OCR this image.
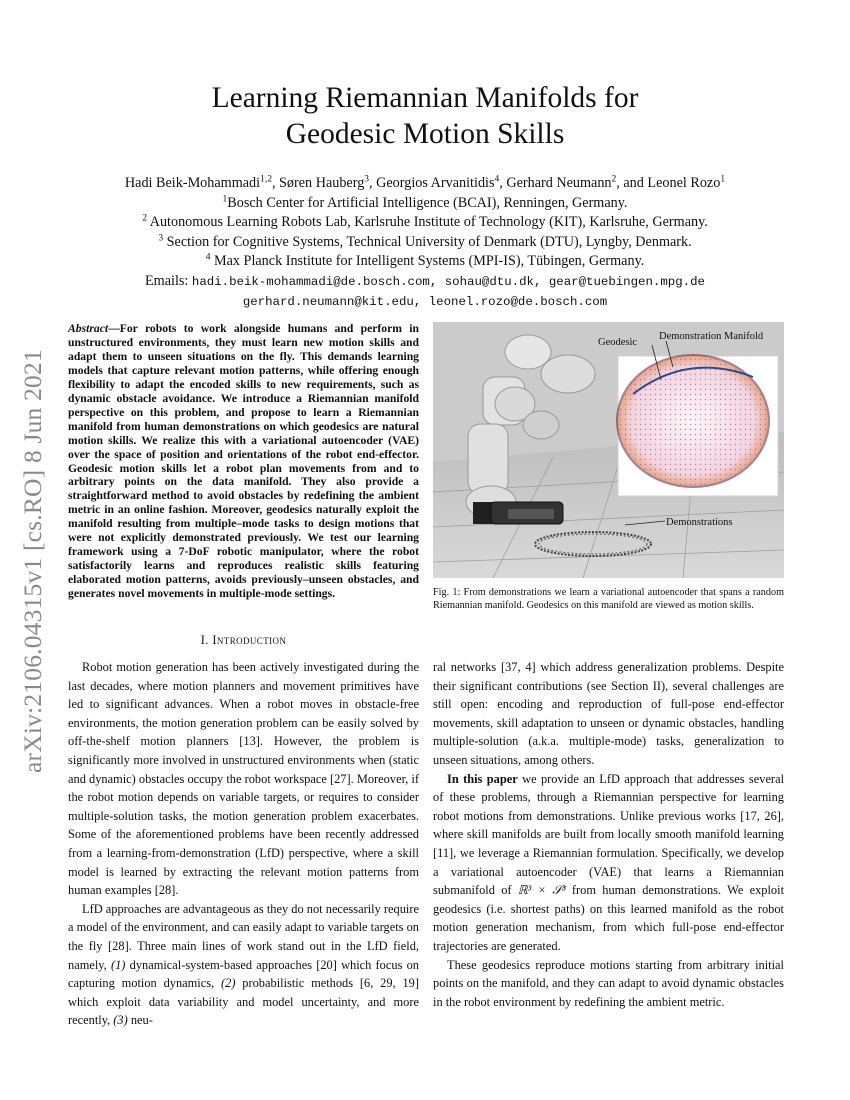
arXiv:2106.04315v1 [cs.RO] 8 Jun 2021
Learning Riemannian Manifolds for
Geodesic Motion Skills
Hadi Beik-Mohammadi$^{1,2}$, Søren Hauberg$^3$, Georgios Arvanitidis$^4$, Gerhard Neumann$^2$, and Leonel Rozo$^1$
$^1$Bosch Center for Artificial Intelligence (BCAI), Renningen, Germany.
$^2$ Autonomous Learning Robots Lab, Karlsruhe Institute of Technology (KIT), Karlsruhe, Germany.
$^3$ Section for Cognitive Systems, Technical University of Denmark (DTU), Lyngby, Denmark.
$^4$ Max Planck Institute for Intelligent Systems (MPI-IS), Tübingen, Germany.
Emails: hadi.beik-mohammadi@de.bosch.com, sohau@dtu.dk, gear@tuebingen.mpg.de
gerhard.neumann@kit.edu, leonel.rozo@de.bosch.com
Abstract—For robots to work alongside humans and perform in unstructured environments, they must learn new motion skills and adapt them to unseen situations on the fly. This demands learning models that capture relevant motion patterns, while offering enough flexibility to adapt the encoded skills to new requirements, such as dynamic obstacle avoidance. We introduce a Riemannian manifold perspective on this problem, and propose to learn a Riemannian manifold from human demonstrations on which geodesics are natural motion skills. We realize this with a variational autoencoder (VAE) over the space of position and orientations of the robot end-effector. Geodesic motion skills let a robot plan movements from and to arbitrary points on the data manifold. They also provide a straightforward method to avoid obstacles by redefining the ambient metric in an online fashion. Moreover, geodesics naturally exploit the manifold resulting from multiple–mode tasks to design motions that were not explicitly demonstrated previously. We test our learning framework using a 7-DoF robotic manipulator, where the robot satisfactorily learns and reproduces realistic skills featuring elaborated motion patterns, avoids previously–unseen obstacles, and generates novel movements in multiple-mode settings.
I. Introduction
Geodesic
Demonstration Manifold
Demonstrations
Fig. 1: From demonstrations we learn a variational autoencoder that spans a random Riemannian manifold. Geodesics on this manifold are viewed as motion skills.

Robot motion generation has been actively investigated during the last decades, where motion planners and movement primitives have led to significant advances. When a robot moves in obstacle-free environments, the motion generation problem can be easily solved by off-the-shelf motion planners [13]. However, the problem is significantly more involved in unstructured environments when (static and dynamic) obstacles occupy the robot workspace [27]. Moreover, if the robot motion depends on variable targets, or requires to consider multiple-solution tasks, the motion generation problem exacerbates. Some of the aforementioned problems have been recently addressed from a learning-from-demonstration (LfD) perspective, where a skill model is learned by extracting the relevant motion patterns from human examples [28].

LfD approaches are advantageous as they do not necessarily require a model of the environment, and can easily adapt to variable targets on the fly [28]. Three main lines of work stand out in the LfD field, namely, (1) dynamical-system-based approaches [20] which focus on capturing motion dynamics, (2) probabilistic methods [6, 29, 19] which exploit data variability and model uncertainty, and more recently, (3) neu-

ral networks [37, 4] which address generalization problems. Despite their significant contributions (see Section II), several challenges are still open: encoding and reproduction of full-pose end-effector movements, skill adaptation to unseen or dynamic obstacles, handling multiple-solution (a.k.a. multiple-mode) tasks, generalization to unseen situations, among others.

In this paper we provide an LfD approach that addresses several of these problems, through a Riemannian perspective for learning robot motions from demonstrations. Unlike previous works [17, 26], where skill manifolds are built from locally smooth manifold learning [11], we leverage a Riemannian formulation. Specifically, we develop a variational autoencoder (VAE) that learns a Riemannian submanifold of ℝ³ × 𝒮³ from human demonstrations. We exploit geodesics (i.e. shortest paths) on this learned manifold as the robot motion generation mechanism, from which full-pose end-effector trajectories are generated.

These geodesics reproduce motions starting from arbitrary initial points on the manifold, and they can adapt to avoid dynamic obstacles in the robot environment by redefining the ambient metric.
